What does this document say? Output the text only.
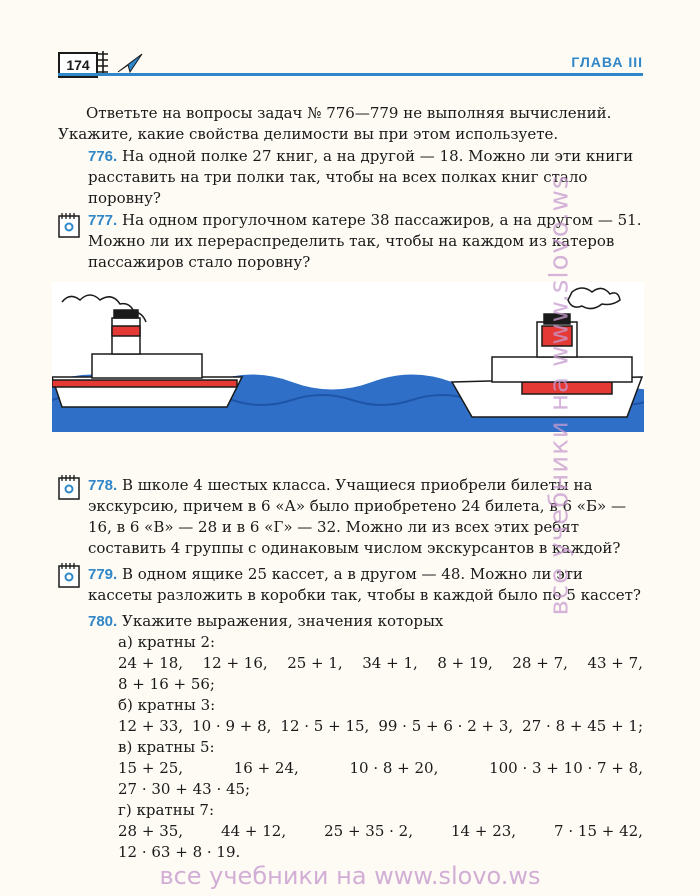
174	ГЛАВА III
Ответьте на вопросы задач № 776—779 не выполняя вычислений. Укажите, какие свойства делимости вы при этом используете.
776. На одной полке 27 книг, а на другой — 18. Можно ли эти книги расставить на три полки так, чтобы на всех полках книг стало поровну?
777. На одном прогулочном катере 38 пассажиров, а на другом — 51. Можно ли их перераспределить так, чтобы на каждом из катеров пассажиров стало поровну?
778. В школе 4 шестых класса. Учащиеся приобрели билеты на экскурсию, причем в 6 «А» было приобретено 24 билета, в 6 «Б» — 16, в 6 «В» — 28 и в 6 «Г» — 32. Можно ли из всех этих ребят составить 4 группы с одинаковым числом экскурсантов в каждой?
779. В одном ящике 25 кассет, а в другом — 48. Можно ли эти кассеты разложить в коробки так, чтобы в каждой было по 5 кассет?
780. Укажите выражения, значения которых
а) кратны 2:
24 + 18, 12 + 16, 25 + 1, 34 + 1, 8 + 19, 28 + 7, 43 + 7,
8 + 16 + 56;
б) кратны 3:
12 + 33, 10 · 9 + 8, 12 · 5 + 15, 99 · 5 + 6 · 2 + 3, 27 · 8 + 45 + 1;
в) кратны 5:
15 + 25,	16 + 24,	10 · 8 + 20,	100 · 3 + 10 · 7 + 8,
27 · 30 + 43 · 45;
г) кратны 7:
28 + 35,	44 + 12,	25 + 35 · 2,	14 + 23,	7 · 15 + 42,
12 · 63 + 8 · 19.
все учебники на www.slovo.ws
все учебники на www.slovo.ws
